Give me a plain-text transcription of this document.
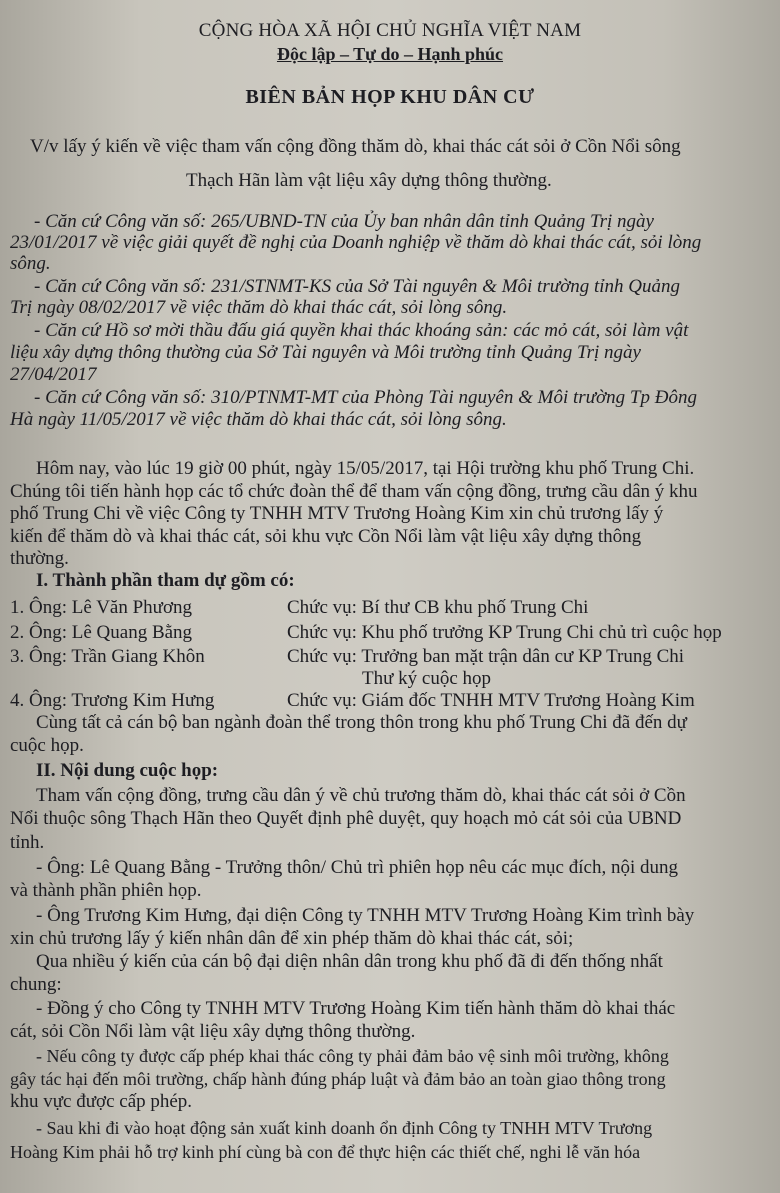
CỘNG HÒA XÃ HỘI CHỦ NGHĨA VIỆT NAM
Độc lập – Tự do – Hạnh phúc
BIÊN BẢN HỌP KHU DÂN CƯ
V/v lấy ý kiến về việc tham vấn cộng đồng thăm dò, khai thác cát sỏi ở Cồn Nổi sông
Thạch Hãn làm vật liệu xây dựng thông thường.
- Căn cứ Công văn số: 265/UBND-TN của Ủy ban nhân dân tỉnh Quảng Trị ngày
23/01/2017 về việc giải quyết đề nghị của Doanh nghiệp về thăm dò khai thác cát, sỏi lòng
sông.
- Căn cứ Công văn số: 231/STNMT-KS của Sở Tài nguyên & Môi trường tỉnh Quảng
Trị ngày 08/02/2017 về việc thăm dò khai thác cát, sỏi lòng sông.
- Căn cứ Hồ sơ mời thầu đấu giá quyền khai thác khoáng sản: các mỏ cát, sỏi làm vật
liệu xây dựng thông thường của Sở Tài nguyên và Môi trường tỉnh Quảng Trị ngày
27/04/2017
- Căn cứ Công văn số: 310/PTNMT-MT của Phòng Tài nguyên & Môi trường Tp Đông
Hà ngày 11/05/2017 về việc thăm dò khai thác cát, sỏi lòng sông.
Hôm nay, vào lúc 19 giờ 00 phút, ngày 15/05/2017, tại Hội trường khu phố Trung Chi.
Chúng tôi tiến hành họp các tổ chức đoàn thể để tham vấn cộng đồng, trưng cầu dân ý khu
phố Trung Chi về việc Công ty TNHH MTV Trương Hoàng Kim xin chủ trương lấy ý
kiến để thăm dò và khai thác cát, sỏi khu vực Cồn Nổi làm vật liệu xây dựng thông
thường.
I. Thành phần tham dự gồm có:
1. Ông: Lê Văn Phương	Chức vụ: Bí thư CB khu phố Trung Chi
2. Ông: Lê Quang Bằng	Chức vụ: Khu phố trưởng KP Trung Chi chủ trì cuộc họp
3. Ông: Trần Giang Khôn	Chức vụ: Trưởng ban mặt trận dân cư KP Trung Chi
Thư ký cuộc họp
4. Ông: Trương Kim Hưng	Chức vụ: Giám đốc TNHH MTV Trương Hoàng Kim
Cùng tất cả cán bộ ban ngành đoàn thể trong thôn trong khu phố Trung Chi đã đến dự
cuộc họp.
II. Nội dung cuộc họp:
Tham vấn cộng đồng, trưng cầu dân ý về chủ trương thăm dò, khai thác cát sỏi ở Cồn
Nổi thuộc sông Thạch Hãn theo Quyết định phê duyệt, quy hoạch mỏ cát sỏi của UBND
tỉnh.
- Ông: Lê Quang Bằng - Trưởng thôn/ Chủ trì phiên họp nêu các mục đích, nội dung
và thành phần phiên họp.
- Ông Trương Kim Hưng, đại diện Công ty TNHH MTV Trương Hoàng Kim trình bày
xin chủ trương lấy ý kiến nhân dân để xin phép thăm dò khai thác cát, sỏi;
Qua nhiều ý kiến của cán bộ đại diện nhân dân trong khu phố đã đi đến thống nhất
chung:
- Đồng ý cho Công ty TNHH MTV Trương Hoàng Kim tiến hành thăm dò khai thác
cát, sỏi Cồn Nổi làm vật liệu xây dựng thông thường.
- Nếu công ty được cấp phép khai thác công ty phải đảm bảo vệ sinh môi trường, không
gây tác hại đến môi trường, chấp hành đúng pháp luật và đảm bảo an toàn giao thông trong
khu vực được cấp phép.
- Sau khi đi vào hoạt động sản xuất kinh doanh ổn định Công ty TNHH MTV Trương
Hoàng Kim phải hỗ trợ kinh phí cùng bà con để thực hiện các thiết chế, nghi lễ văn hóa
